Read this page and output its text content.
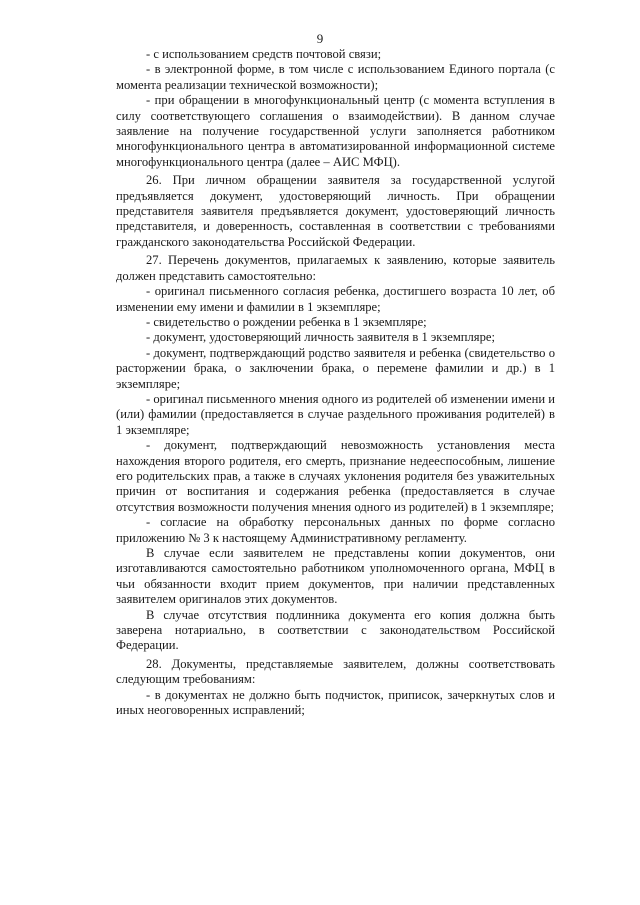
9

- с использованием средств почтовой связи;

- в электронной форме, в том числе с использованием Единого портала (с момента реализации технической возможности);

- при обращении в многофункциональный центр (с момента вступления в силу соответствующего соглашения о взаимодействии). В данном случае заявление на получение государственной услуги заполняется работником многофункционального центра в автоматизированной информационной системе многофункционального центра (далее – АИС МФЦ).

26. При личном обращении заявителя за государственной услугой предъявляется документ, удостоверяющий личность. При обращении представителя заявителя предъявляется документ, удостоверяющий личность представителя, и доверенность, составленная в соответствии с требованиями гражданского законодательства Российской Федерации.

27. Перечень документов, прилагаемых к заявлению, которые заявитель должен представить самостоятельно:

- оригинал письменного согласия ребенка, достигшего возраста 10 лет, об изменении ему имени и фамилии в 1 экземпляре;

- свидетельство о рождении ребенка в 1 экземпляре;

- документ, удостоверяющий личность заявителя в 1 экземпляре;

- документ, подтверждающий родство заявителя и ребенка (свидетельство о расторжении брака, о заключении брака, о перемене фамилии и др.) в 1 экземпляре;

- оригинал письменного мнения одного из родителей об изменении имени и (или) фамилии (предоставляется в случае раздельного проживания родителей) в 1 экземпляре;

- документ, подтверждающий невозможность установления места нахождения второго родителя, его смерть, признание недееспособным, лишение его родительских прав, а также в случаях уклонения родителя без уважительных причин от воспитания и содержания ребенка (предоставляется в случае отсутствия возможности получения мнения одного из родителей) в 1 экземпляре;

- согласие на обработку персональных данных по форме согласно приложению № 3 к настоящему Административному регламенту.

В случае если заявителем не представлены копии документов, они изготавливаются самостоятельно работником уполномоченного органа, МФЦ в чьи обязанности входит прием документов, при наличии представленных заявителем оригиналов этих документов.

В случае отсутствия подлинника документа его копия должна быть заверена нотариально, в соответствии с законодательством Российской Федерации.

28. Документы, представляемые заявителем, должны соответствовать следующим требованиям:

- в документах не должно быть подчисток, приписок, зачеркнутых слов и иных неоговоренных исправлений;
